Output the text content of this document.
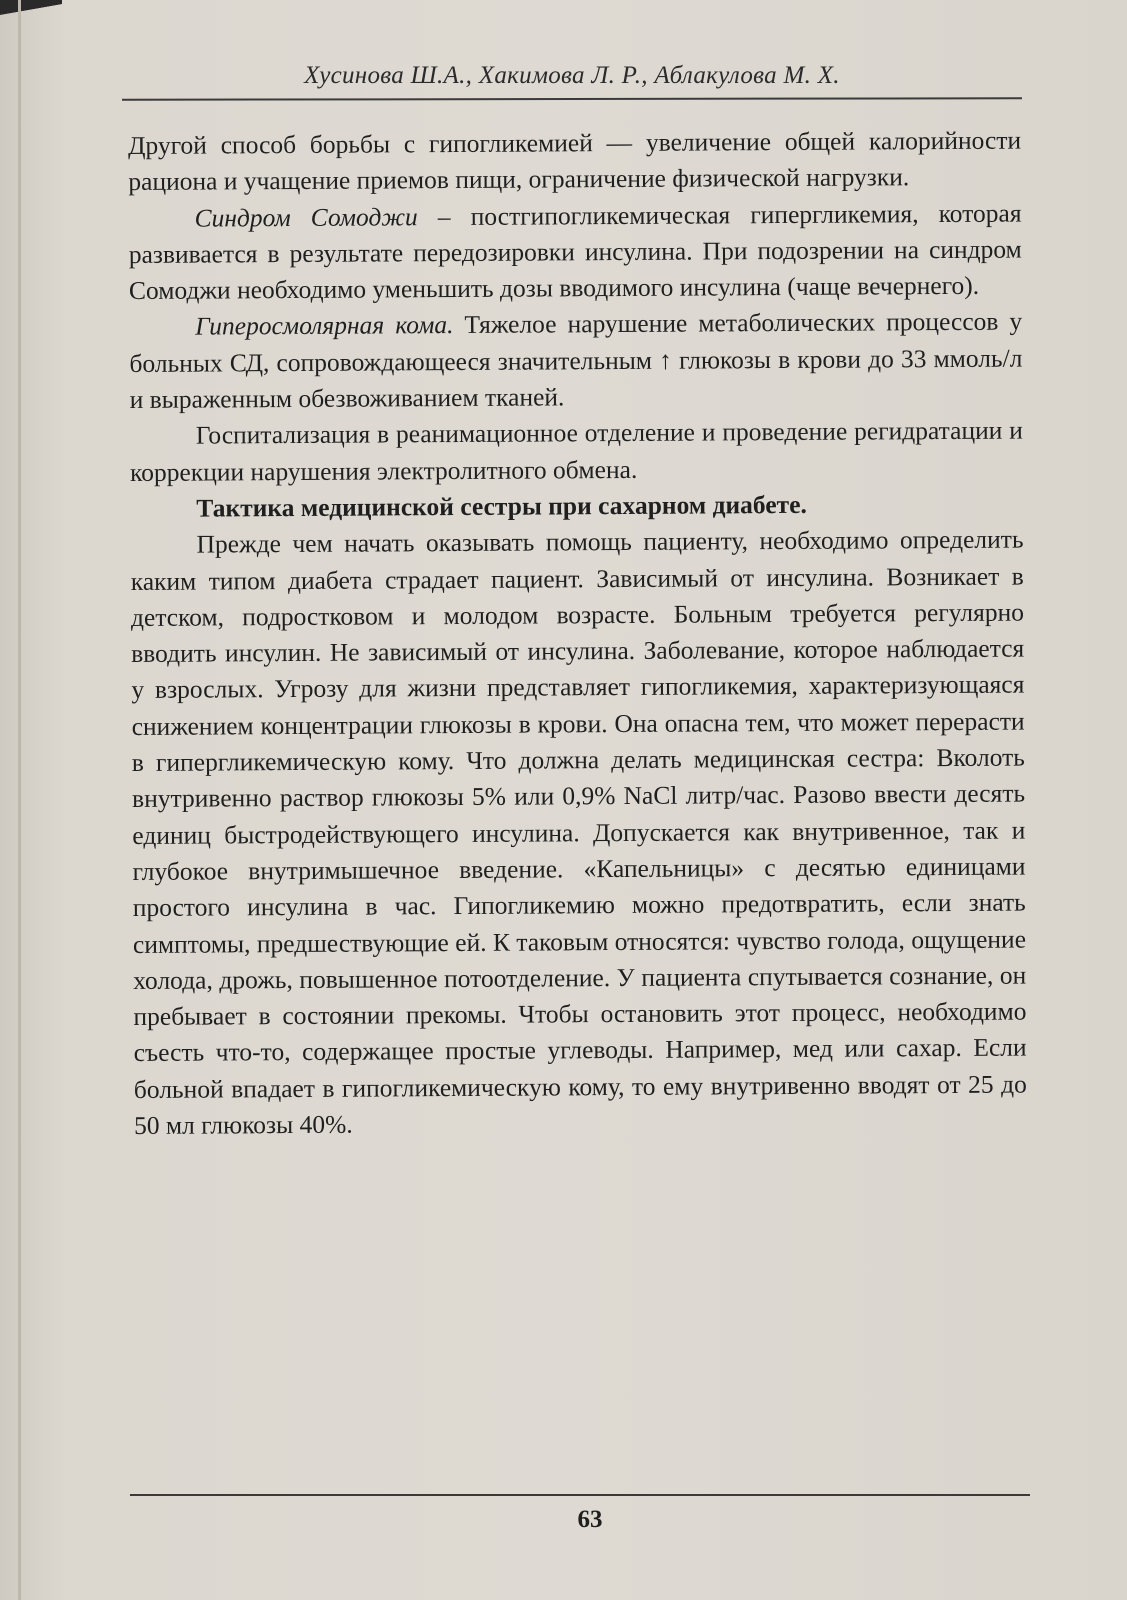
Хусинова Ш.А., Хакимова Л. Р., Аблакулова М. Х.

Другой способ борьбы с гипогликемией — увеличение общей калорийности рациона и учащение приемов пищи, ограничение физической нагрузки.

Синдром Сомоджи – постгипогликемическая гипергликемия, которая развивается в результате передозировки инсулина. При подозрении на синдром Сомоджи необходимо уменьшить дозы вводимого инсулина (чаще вечернего).

Гиперосмолярная кома. Тяжелое нарушение метаболических процессов у больных СД, сопровождающееся значительным ↑ глюкозы в крови до 33 ммоль/л и выраженным обезвоживанием тканей.

Госпитализация в реанимационное отделение и проведение регидратации и коррекции нарушения электролитного обмена.

Тактика медицинской сестры при сахарном диабете.

Прежде чем начать оказывать помощь пациенту, необходимо определить каким типом диабета страдает пациент. Зависимый от инсулина. Возникает в детском, подростковом и молодом возрасте. Больным требуется регулярно вводить инсулин. Не зависимый от инсулина. Заболевание, которое наблюдается у взрослых. Угрозу для жизни представляет гипогликемия, характеризующаяся снижением концентрации глюкозы в крови. Она опасна тем, что может перерасти в гипергликемическую кому. Что должна делать медицинская сестра: Вколоть внутривенно раствор глюкозы 5% или 0,9% NaCl литр/час. Разово ввести десять единиц быстродействующего инсулина. Допускается как внутривенное, так и глубокое внутримышечное введение. «Капельницы» с десятью единицами простого инсулина в час. Гипогликемию можно предотвратить, если знать симптомы, предшествующие ей. К таковым относятся: чувство голода, ощущение холода, дрожь, повышенное потоотделение. У пациента спутывается сознание, он пребывает в состоянии прекомы. Чтобы остановить этот процесс, необходимо съесть что-то, содержащее простые углеводы. Например, мед или сахар. Если больной впадает в гипогликемическую кому, то ему внутривенно вводят от 25 до 50 мл глюкозы 40%.

63
